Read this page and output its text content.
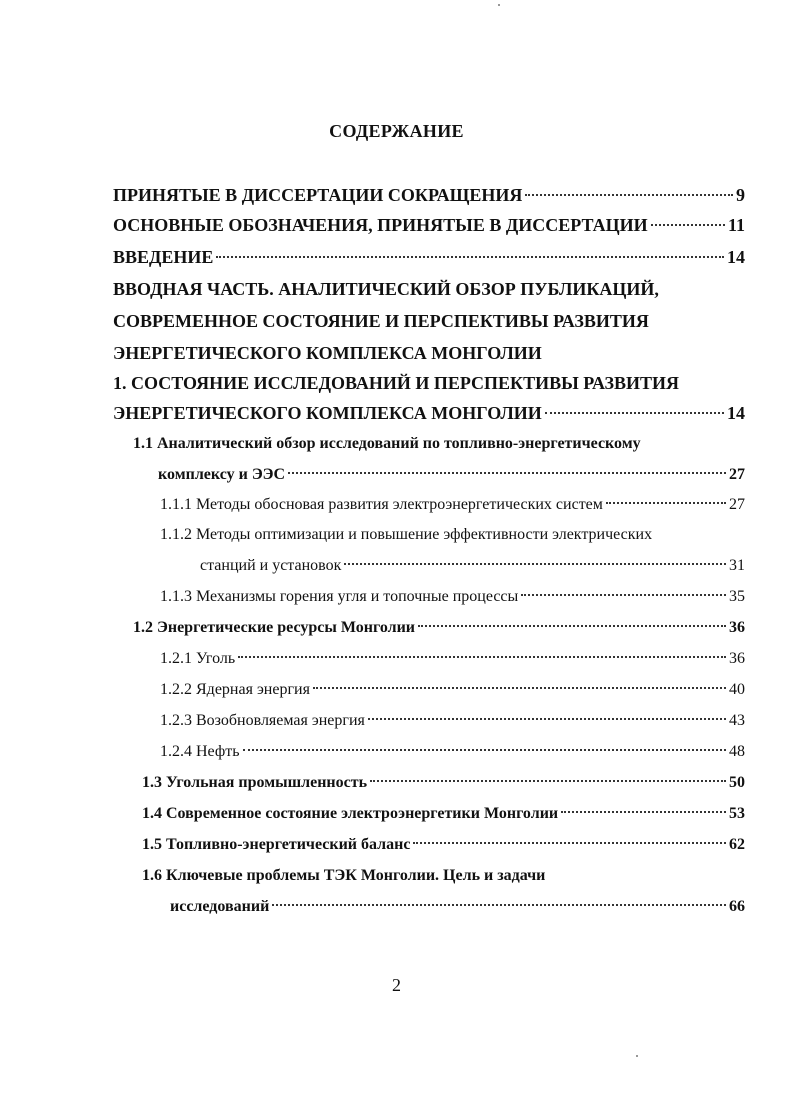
СОДЕРЖАНИЕ
ПРИНЯТЫЕ В ДИССЕРТАЦИИ СОКРАЩЕНИЯ	9
ОСНОВНЫЕ ОБОЗНАЧЕНИЯ, ПРИНЯТЫЕ В ДИССЕРТАЦИИ	11
ВВЕДЕНИЕ	14
ВВОДНАЯ ЧАСТЬ. АНАЛИТИЧЕСКИЙ ОБЗОР ПУБЛИКАЦИЙ,
СОВРЕМЕННОЕ СОСТОЯНИЕ И ПЕРСПЕКТИВЫ РАЗВИТИЯ
ЭНЕРГЕТИЧЕСКОГО КОМПЛЕКСА МОНГОЛИИ
1. СОСТОЯНИЕ ИССЛЕДОВАНИЙ И ПЕРСПЕКТИВЫ РАЗВИТИЯ
ЭНЕРГЕТИЧЕСКОГО КОМПЛЕКСА МОНГОЛИИ	14
1.1 Аналитический обзор исследований по топливно-энергетическому
комплексу и ЭЭС	27
1.1.1 Методы обосновая развития электроэнергетических систем	27
1.1.2 Методы оптимизации и повышение эффективности электрических
станций и установок	31
1.1.3 Механизмы горения угля и топочные процессы	35
1.2 Энергетические ресурсы Монголии	36
1.2.1 Уголь	36
1.2.2 Ядерная энергия	40
1.2.3 Возобновляемая энергия	43
1.2.4 Нефть	48
1.3 Угольная промышленность	50
1.4 Современное состояние электроэнергетики Монголии	53
1.5 Топливно-энергетический баланс	62
1.6 Ключевые проблемы ТЭК Монголии. Цель и задачи
исследований	66
2
